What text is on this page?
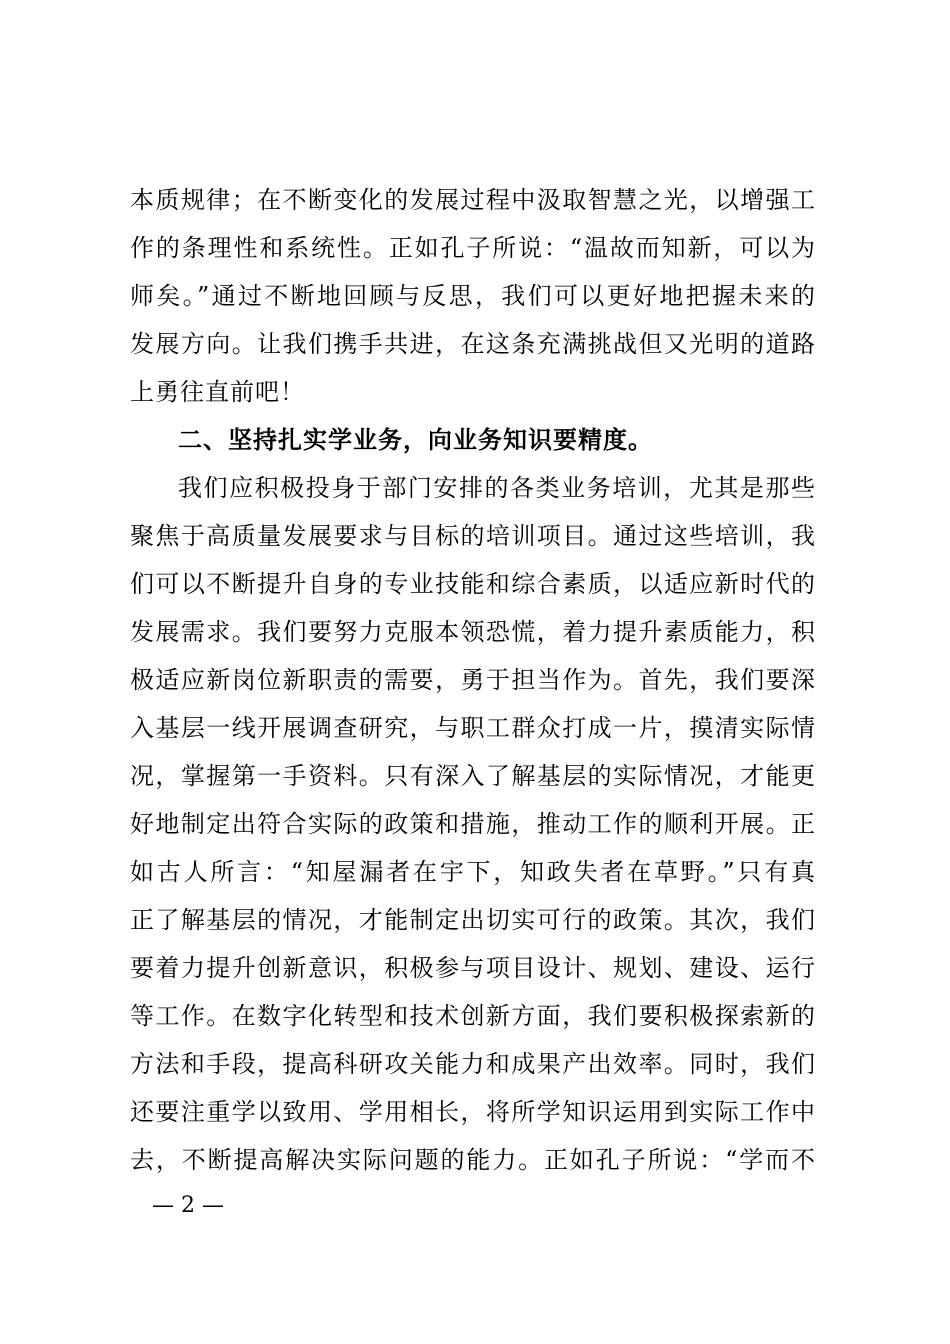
本质规律；在不断变化的发展过程中汲取智慧之光，以增强工
作的条理性和系统性。正如孔子所说：“温故而知新，可以为
师矣。”通过不断地回顾与反思，我们可以更好地把握未来的
发展方向。让我们携手共进，在这条充满挑战但又光明的道路
上勇往直前吧！
二、坚持扎实学业务，向业务知识要精度。
我们应积极投身于部门安排的各类业务培训，尤其是那些
聚焦于高质量发展要求与目标的培训项目。通过这些培训，我
们可以不断提升自身的专业技能和综合素质，以适应新时代的
发展需求。我们要努力克服本领恐慌，着力提升素质能力，积
极适应新岗位新职责的需要，勇于担当作为。首先，我们要深
入基层一线开展调查研究，与职工群众打成一片，摸清实际情
况，掌握第一手资料。只有深入了解基层的实际情况，才能更
好地制定出符合实际的政策和措施，推动工作的顺利开展。正
如古人所言：“知屋漏者在宇下，知政失者在草野。”只有真
正了解基层的情况，才能制定出切实可行的政策。其次，我们
要着力提升创新意识，积极参与项目设计、规划、建设、运行
等工作。在数字化转型和技术创新方面，我们要积极探索新的
方法和手段，提高科研攻关能力和成果产出效率。同时，我们
还要注重学以致用、学用相长，将所学知识运用到实际工作中
去，不断提高解决实际问题的能力。正如孔子所说：“学而不
— 2 —
